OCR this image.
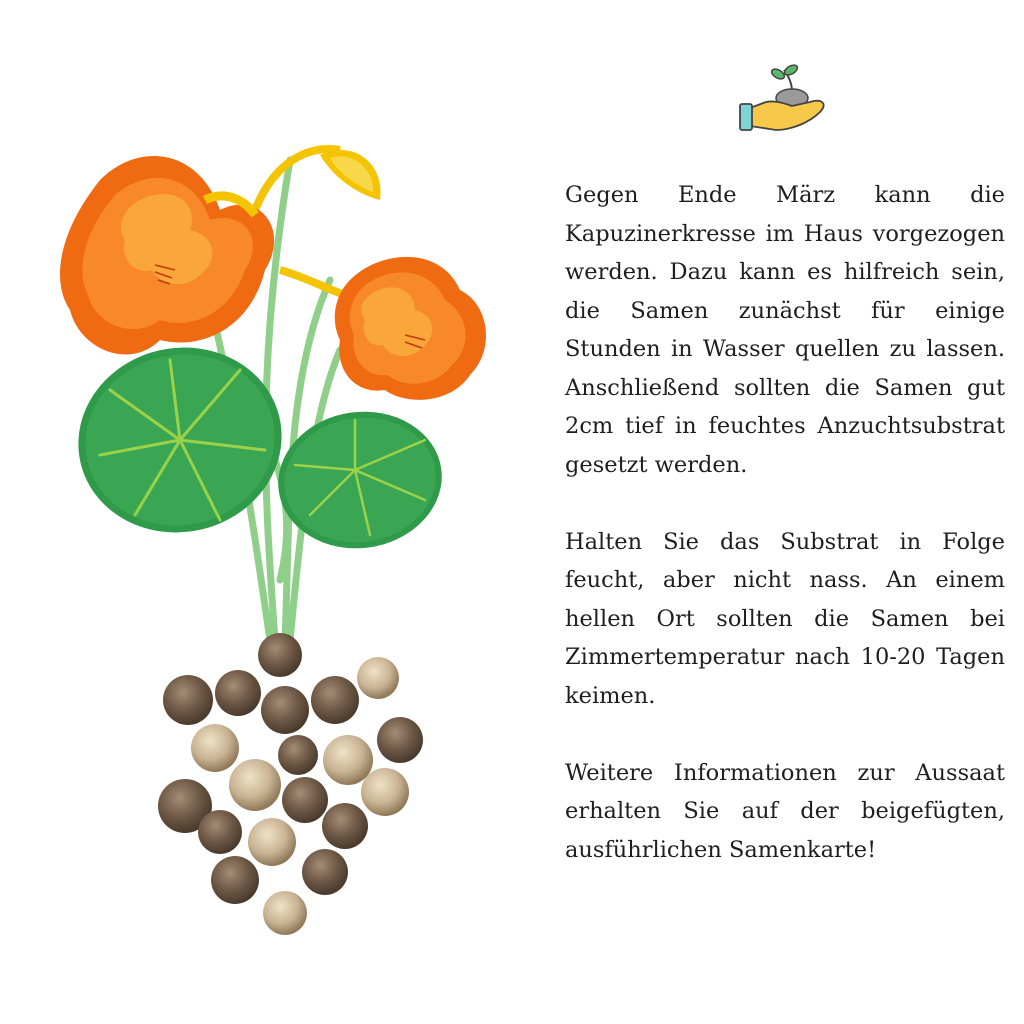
Gegen Ende März kann die Kapuzinerkresse im Haus vorgezogen werden. Dazu kann es hilfreich sein, die Samen zunächst für einige Stunden in Wasser quellen zu lassen. Anschließend sollten die Samen gut 2cm tief in feuchtes Anzuchtsubstrat gesetzt werden.

Halten Sie das Substrat in Folge feucht, aber nicht nass. An einem hellen Ort sollten die Samen bei Zimmertemperatur nach 10-20 Tagen keimen.

Weitere Informationen zur Aussaat erhalten Sie auf der beigefügten, ausführlichen Samenkarte!
